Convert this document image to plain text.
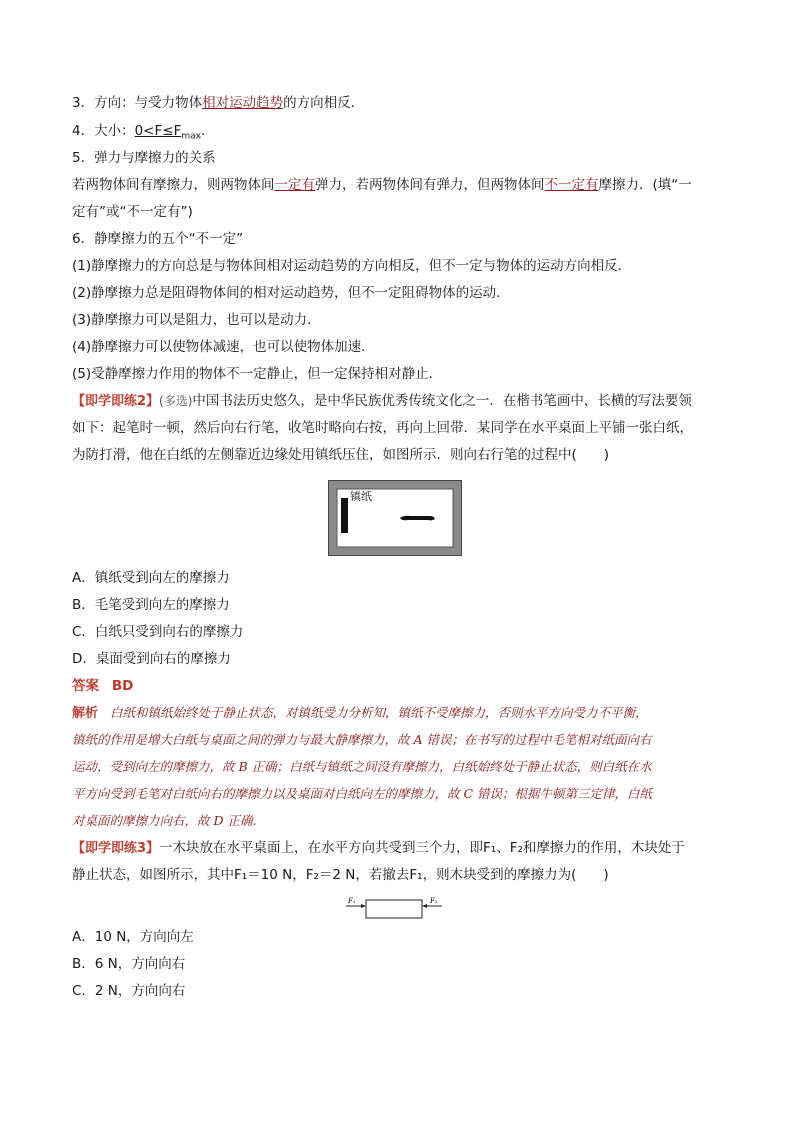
3．方向：与受力物体相对运动趋势的方向相反．
4．大小：$0<F\le F_{max}$.
5．弹力与摩擦力的关系
若两物体间有摩擦力，则两物体间一定有弹力，若两物体间有弹力，但两物体间不一定有摩擦力．(填“一
定有”或“不一定有”)
6．静摩擦力的五个“不一定”
(1)静摩擦力的方向总是与物体间相对运动趋势的方向相反，但不一定与物体的运动方向相反．
(2)静摩擦力总是阻碍物体间的相对运动趋势，但不一定阻碍物体的运动．
(3)静摩擦力可以是阻力，也可以是动力．
(4)静摩擦力可以使物体减速，也可以使物体加速．
(5)受静摩擦力作用的物体不一定静止，但一定保持相对静止．
【即学即练2】(多选)中国书法历史悠久，是中华民族优秀传统文化之一．在楷书笔画中，长横的写法要领
如下：起笔时一顿，然后向右行笔，收笔时略向右按，再向上回带．某同学在水平桌面上平铺一张白纸，
为防打滑，他在白纸的左侧靠近边缘处用镇纸压住，如图所示．则向右行笔的过程中(　　)
A．镇纸受到向左的摩擦力
B．毛笔受到向左的摩擦力
C．白纸只受到向右的摩擦力
D．桌面受到向右的摩擦力
答案 BD
解析 白纸和镇纸始终处于静止状态，对镇纸受力分析知，镇纸不受摩擦力，否则水平方向受力不平衡，
镇纸的作用是增大白纸与桌面之间的弹力与最大静摩擦力，故 A 错误；在书写的过程中毛笔相对纸面向右
运动，受到向左的摩擦力，故 B 正确；白纸与镇纸之间没有摩擦力，白纸始终处于静止状态，则白纸在水
平方向受到毛笔对白纸向右的摩擦力以及桌面对白纸向左的摩擦力，故 C 错误；根据牛顿第三定律，白纸
对桌面的摩擦力向右，故 D 正确.
【即学即练3】一木块放在水平桌面上，在水平方向共受到三个力，即F₁、F₂和摩擦力的作用，木块处于
静止状态，如图所示，其中F₁＝10 N，F₂＝2 N，若撤去F₁，则木块受到的摩擦力为(　　)
A．10 N，方向向左
B．6 N，方向向右
C．2 N，方向向右
镇纸
F₁	F₂
